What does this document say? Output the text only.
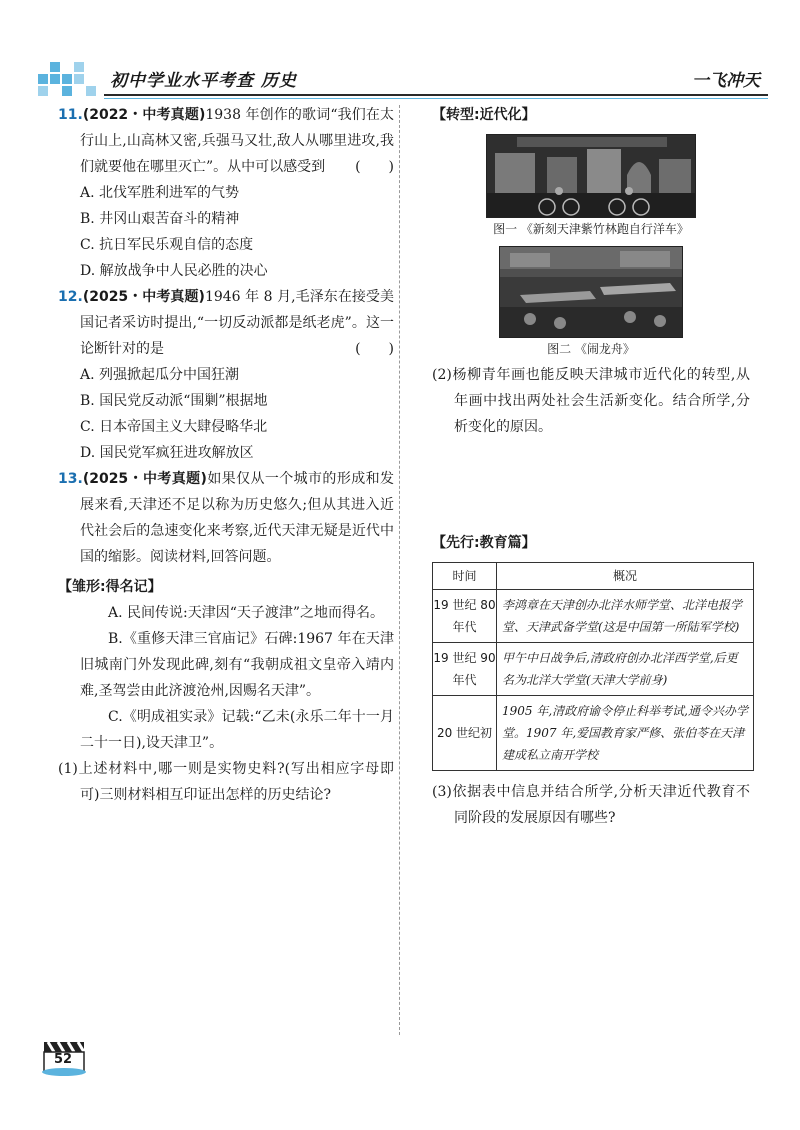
初中学业水平考查 历史	一飞冲天
11.(2022・中考真题)1938 年创作的歌词“我们在太行山上,山高林又密,兵强马又壮,敌人从哪里进攻,我们就要他在哪里灭亡”。从中可以感受到 (　　)
A. 北伐军胜利进军的气势
B. 井冈山艰苦奋斗的精神
C. 抗日军民乐观自信的态度
D. 解放战争中人民必胜的决心
12.(2025・中考真题)1946 年 8 月,毛泽东在接受美国记者采访时提出,“一切反动派都是纸老虎”。这一论断针对的是	(　　)
A. 列强掀起瓜分中国狂潮
B. 国民党反动派“围剿”根据地
C. 日本帝国主义大肆侵略华北
D. 国民党军疯狂进攻解放区
13.(2025・中考真题)如果仅从一个城市的形成和发展来看,天津还不足以称为历史悠久;但从其进入近代社会后的急速变化来考察,近代天津无疑是近代中国的缩影。阅读材料,回答问题。
【雏形:得名记】
A. 民间传说:天津因“天子渡津”之地而得名。
B.《重修天津三官庙记》石碑:1967 年在天津旧城南门外发现此碑,刻有“我朝成祖文皇帝入靖内难,圣驾尝由此济渡沧州,因赐名天津”。
C.《明成祖实录》记载:“乙未(永乐二年十一月二十一日),设天津卫”。
(1)上述材料中,哪一则是实物史料?(写出相应字母即可)三则材料相互印证出怎样的历史结论?
【转型:近代化】
图一 《新刻天津紫竹林跑自行洋车》
图二 《闹龙舟》
(2)杨柳青年画也能反映天津城市近代化的转型,从年画中找出两处社会生活新变化。结合所学,分析变化的原因。
【先行:教育篇】
时间	概况
19 世纪 80 年代	李鸿章在天津创办北洋水师学堂、北洋电报学堂、天津武备学堂(这是中国第一所陆军学校)
19 世纪 90 年代	甲午中日战争后,清政府创办北洋西学堂,后更名为北洋大学堂(天津大学前身)
20 世纪初	1905 年,清政府谕令停止科举考试,通令兴办学堂。1907 年,爱国教育家严修、张伯苓在天津建成私立南开学校
(3)依据表中信息并结合所学,分析天津近代教育不同阶段的发展原因有哪些?
52
